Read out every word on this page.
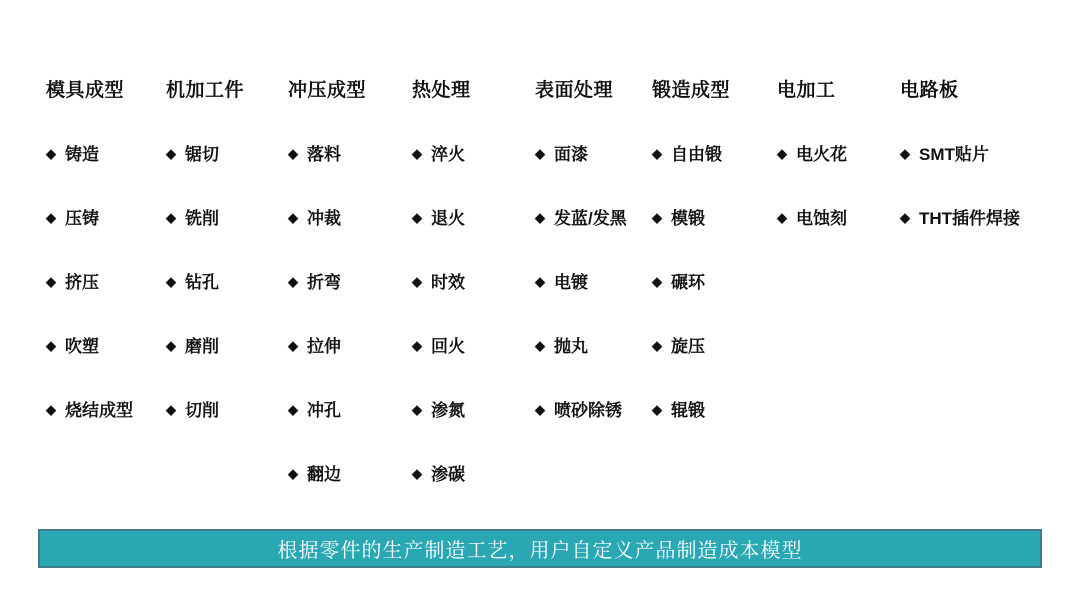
模具成型
◆ 铸造
◆ 压铸
◆ 挤压
◆ 吹塑
◆ 烧结成型
机加工件
◆ 锯切
◆ 铣削
◆ 钻孔
◆ 磨削
◆ 切削
冲压成型
◆ 落料
◆ 冲裁
◆ 折弯
◆ 拉伸
◆ 冲孔
◆ 翻边
热处理
◆ 淬火
◆ 退火
◆ 时效
◆ 回火
◆ 渗氮
◆ 渗碳
表面处理
◆ 面漆
◆ 发蓝/发黑
◆ 电镀
◆ 抛丸
◆ 喷砂除锈
锻造成型
◆ 自由锻
◆ 模锻
◆ 碾环
◆ 旋压
◆ 辊锻
电加工
◆ 电火花
◆ 电蚀刻
电路板
◆ SMT贴片
◆ THT插件焊接
根据零件的生产制造工艺，用户自定义产品制造成本模型
